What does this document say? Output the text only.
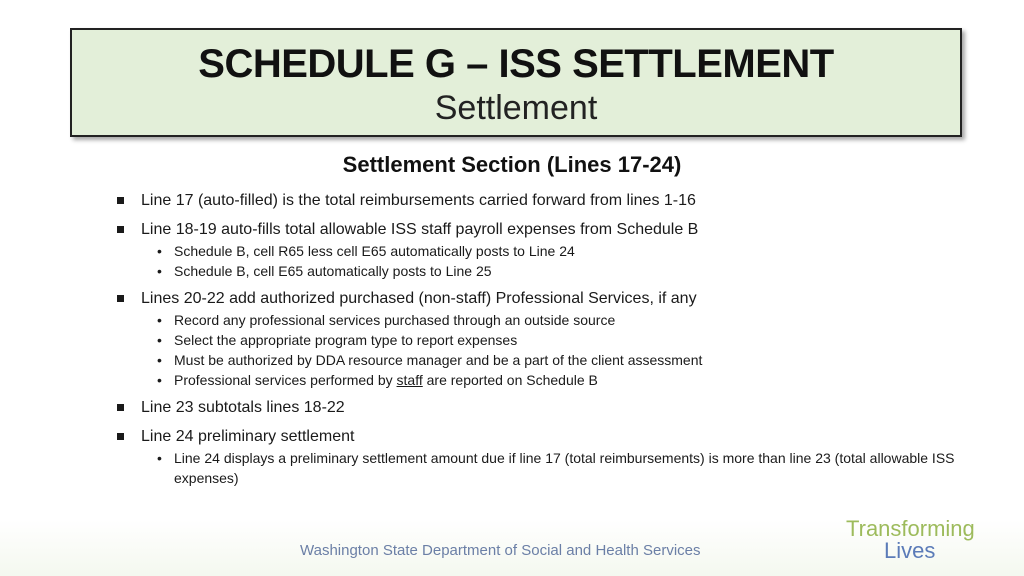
SCHEDULE G – ISS SETTLEMENT
Settlement
Settlement Section (Lines 17-24)
Line 17 (auto-filled) is the total reimbursements carried forward from lines 1-16
Line 18-19 auto-fills total allowable ISS staff payroll expenses from Schedule B
• Schedule B, cell R65 less cell E65 automatically posts to Line 24
• Schedule B, cell E65 automatically posts to Line 25
Lines 20-22 add authorized purchased (non-staff) Professional Services, if any
• Record any professional services purchased through an outside source
• Select the appropriate program type to report expenses
• Must be authorized by DDA resource manager and be a part of the client assessment
• Professional services performed by staff are reported on Schedule B
Line 23 subtotals lines 18-22
Line 24 preliminary settlement
• Line 24 displays a preliminary settlement amount due if line 17 (total reimbursements) is more than line 23 (total allowable ISS expenses)
Washington State Department of Social and Health Services
Transforming
Lives
